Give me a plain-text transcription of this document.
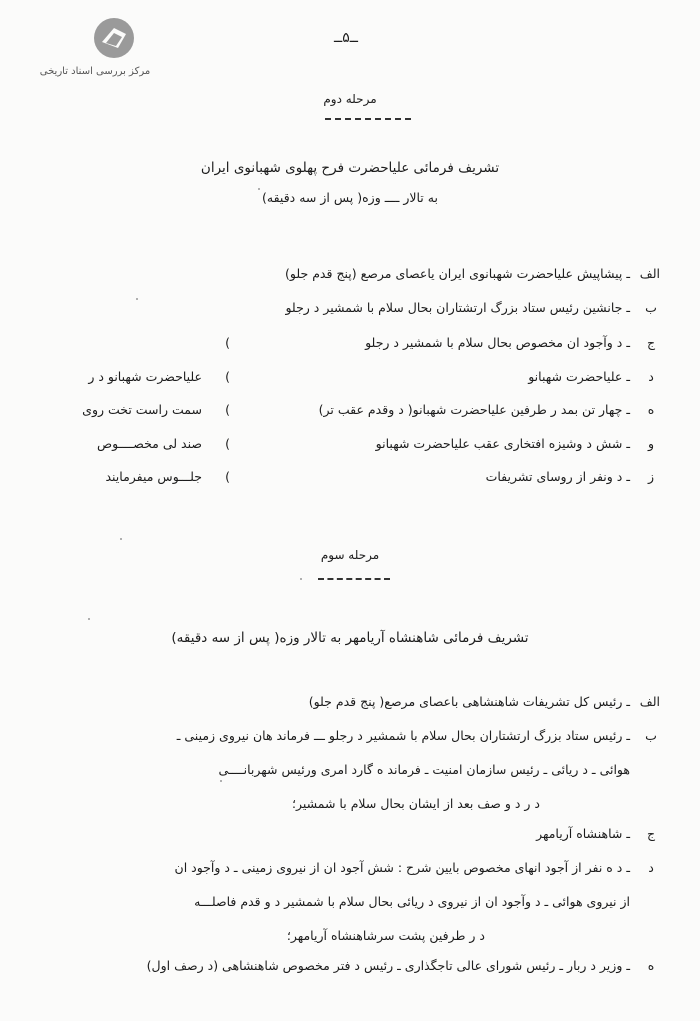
مرکز بررسی اسناد تاریخی
ــ۵ــ
مرحله دوم
تشریف فرمائی علیاحضرت فرح پهلوی شهبانوی ایران
به تالار ــــ وزه( پس از سه دقیقه)
الف
ـ پیشاپیش علیاحضرت شهبانوی ایران یاعصای مرصع (پنج قدم جلو)
ب
ـ جانشین رئیس ستاد بزرگ ارتشتاران بحال سلام با شمشیر د رجلو
ج
ـ د وآجود ان مخصوص بحال سلام با شمشیر د رجلو
)
د
ـ علیاحضرت شهبانو
)
علیاحضرت شهبانو د ر
ه
ـ چهار تن بمد ر طرفین علیاحضرت شهبانو( د وقدم عقب تر)
)
سمت راست تخت روی
و
ـ شش د وشیزه افتخاری عقب علیاحضرت شهبانو
)
صند لی مخصــــوص
ز
ـ د ونفر از روسای تشریفات
)
جلـــوس میفرمایند
مرحله سوم
تشریف فرمائی شاهنشاه آریامهر به تالار وزه( پس از سه دقیقه)
الف
ـ رئیس کل تشریفات شاهنشاهی باعصای مرصع( پنج قدم جلو)
ب
ـ رئیس ستاد بزرگ ارتشتاران بحال سلام با شمشیر د رجلو ـــ فرماند هان نیروی زمینی ـ
هوائی ـ د ریائی ـ رئیس سازمان امنیت ـ فرماند ه گارد امری ورئیس شهربانــــی
د ر د و صف بعد از ایشان بحال سلام با شمشیر؛
ج
ـ شاهنشاه آریامهر
د
ـ د ه نفر از آجود انهای مخصوص بایین شرح : شش آجود ان از نیروی زمینی ـ د وآجود ان
از نیروی هوائی ـ د وآجود ان از نیروی د ریائی بحال سلام با شمشیر د و قدم فاصلـــه
د ر طرفین پشت سرشاهنشاه آریامهر؛
ه
ـ وزیر د ربار ـ رئیس شورای عالی تاجگذاری ـ رئیس د فتر مخصوص شاهنشاهی (د رصف اول)
